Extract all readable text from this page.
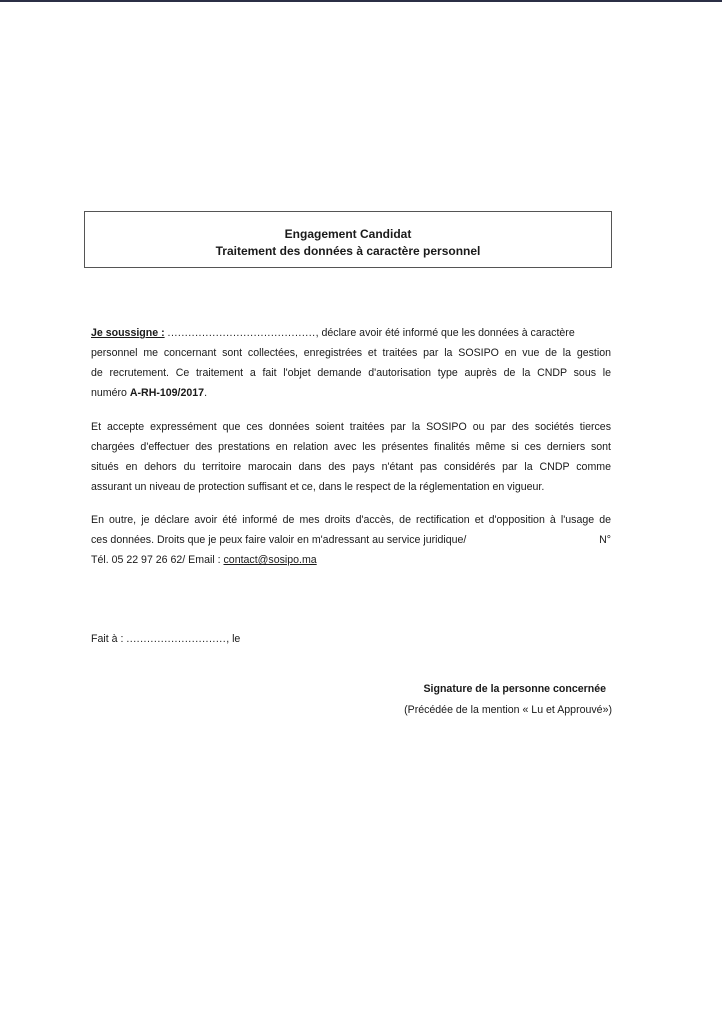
Engagement Candidat
Traitement des données à caractère personnel
Je soussigne : ..........................................., déclare avoir été informé que les données à caractère
personnel me concernant sont collectées, enregistrées et traitées par la SOSIPO en vue de la gestion
de recrutement. Ce traitement a fait l'objet demande d'autorisation type auprès de la CNDP sous le
numéro A-RH-109/2017.
Et accepte expressément que ces données soient traitées par la SOSIPO ou par des sociétés tierces
chargées d'effectuer des prestations en relation avec les présentes finalités même si ces derniers sont
situés en dehors du territoire marocain dans des pays n'étant pas considérés par la CNDP comme
assurant un niveau de protection suffisant et ce, dans le respect de la réglementation en vigueur.
En outre, je déclare avoir été informé de mes droits d'accès, de rectification et d'opposition à l'usage de
ces données. Droits que je peux faire valoir en m'adressant au service juridique/	N°
Tél. 05 22 97 26 62/ Email : contact@sosipo.ma
Fait à : ............................., le
Signature de la personne concernée
(Précédée de la mention « Lu et Approuvé»)
